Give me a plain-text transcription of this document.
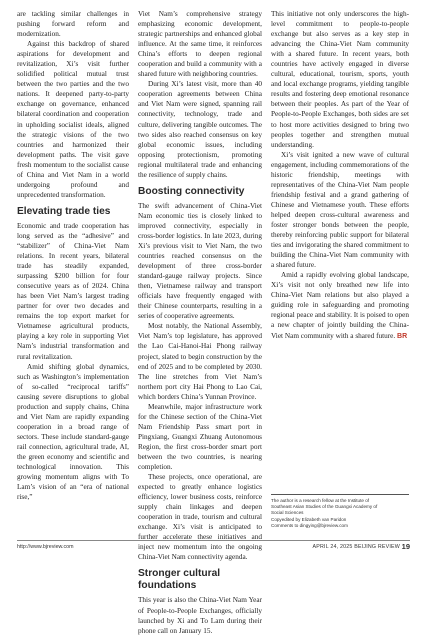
are tackling similar challenges in pushing forward reform and modernization.

Against this backdrop of shared aspirations for development and revitalization, Xi’s visit further solidified political mutual trust between the two parties and the two nations. It deepened party-to-party exchange on governance, enhanced bilateral coordination and cooperation in upholding socialist ideals, aligned the strategic visions of the two countries and harmonized their development paths. The visit gave fresh momentum to the socialist cause of China and Viet Nam in a world undergoing profound and unprecedented transformation.

Elevating trade ties

Economic and trade cooperation has long served as the “adhesive” and “stabilizer” of China-Viet Nam relations. In recent years, bilateral trade has steadily expanded, surpassing $200 billion for four consecutive years as of 2024. China has been Viet Nam’s largest trading partner for over two decades and remains the top export market for Vietnamese agricultural products, playing a key role in supporting Viet Nam’s industrial transformation and rural revitalization.

Amid shifting global dynamics, such as Washington’s implementation of so-called “reciprocal tariffs” causing severe disruptions to global production and supply chains, China and Viet Nam are rapidly expanding cooperation in a broad range of sectors. These include standard-gauge rail connection, agricultural trade, AI, the green economy and scientific and technological innovation. This growing momentum aligns with To Lam’s vision of an “era of national rise,”

Viet Nam’s comprehensive strategy emphasizing economic development, strategic partnerships and enhanced global influence. At the same time, it reinforces China’s efforts to deepen regional cooperation and build a community with a shared future with neighboring countries.

During Xi’s latest visit, more than 40 cooperation agreements between China and Viet Nam were signed, spanning rail connectivity, technology, trade and culture, delivering tangible outcomes. The two sides also reached consensus on key global economic issues, including opposing protectionism, promoting regional multilateral trade and enhancing the resilience of supply chains.

Boosting connectivity

The swift advancement of China-Viet Nam economic ties is closely linked to improved connectivity, especially in cross-border logistics. In late 2023, during Xi’s previous visit to Viet Nam, the two countries reached consensus on the development of three cross-border standard-gauge railway projects. Since then, Vietnamese railway and transport officials have frequently engaged with their Chinese counterparts, resulting in a series of cooperative agreements.

Most notably, the National Assembly, Viet Nam’s top legislature, has approved the Lao Cai-Hanoi-Hai Phong railway project, slated to begin construction by the end of 2025 and to be completed by 2030. The line stretches from Viet Nam’s northern port city Hai Phong to Lao Cai, which borders China’s Yunnan Province.

Meanwhile, major infrastructure work for the Chinese section of the China-Viet Nam Friendship Pass smart port in Pingxiang, Guangxi Zhuang Autonomous Region, the first cross-border smart port between the two countries, is nearing completion.

These projects, once operational, are expected to greatly enhance logistics efficiency, lower business costs, reinforce supply chain linkages and deepen cooperation in trade, tourism and cultural exchange. Xi’s visit is anticipated to further accelerate these initiatives and inject new momentum into the ongoing China-Viet Nam connectivity agenda.

Stronger cultural foundations

This year is also the China-Viet Nam Year of People-to-People Exchanges, officially launched by Xi and To Lam during their phone call on January 15.

This initiative not only underscores the high-level commitment to people-to-people exchange but also serves as a key step in advancing the China-Viet Nam community with a shared future. In recent years, both countries have actively engaged in diverse cultural, educational, tourism, sports, youth and local exchange programs, yielding tangible results and fostering deep emotional resonance between their peoples. As part of the Year of People-to-People Exchanges, both sides are set to host more activities designed to bring two peoples together and strengthen mutual understanding.

Xi’s visit ignited a new wave of cultural engagement, including commemorations of the historic friendship, meetings with representatives of the China-Viet Nam people friendship festival and a grand gathering of Chinese and Vietnamese youth. These efforts helped deepen cross-cultural awareness and foster stronger bonds between the people, thereby reinforcing public support for bilateral ties and invigorating the shared commitment to building the China-Viet Nam community with a shared future.

Amid a rapidly evolving global landscape, Xi’s visit not only breathed new life into China-Viet Nam relations but also played a guiding role in safeguarding and promoting regional peace and stability. It is poised to open a new chapter of jointly building the China-Viet Nam community with a shared future. BR

The author is a research fellow at the Institute of
Southeast Asian Studies of the Guangxi Academy of
Social Sciences
Copyedited by Elizabeth van Paridon
Comments to dingying@bjreview.com
http://www.bjreview.com	APRIL 24, 2025 BEIJING REVIEW 19
